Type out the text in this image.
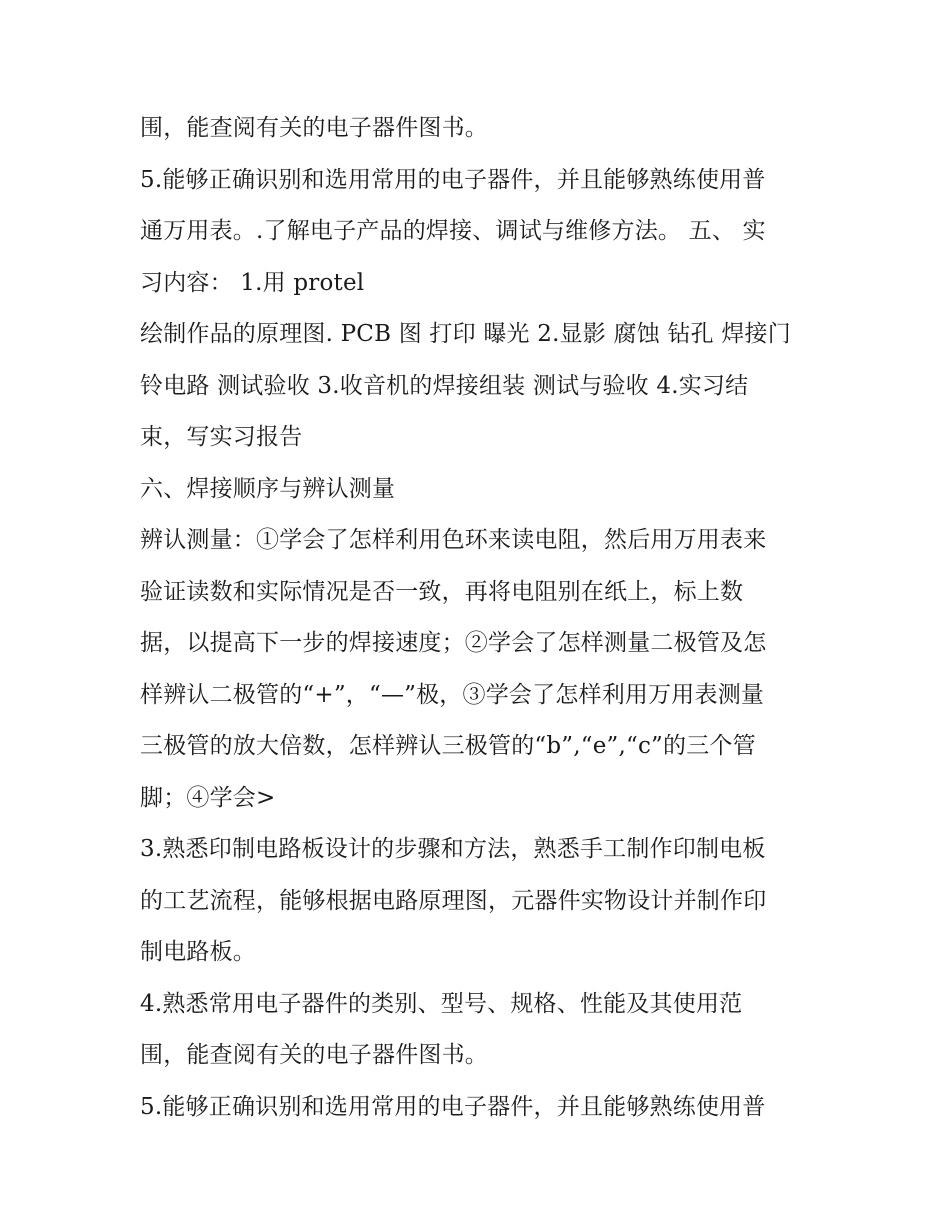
围，能查阅有关的电子器件图书。
5.能够正确识别和选用常用的电子器件，并且能够熟练使用普
通万用表。.了解电子产品的焊接、调试与维修方法。 五、 实
习内容： 1.用 protel
绘制作品的原理图. PCB 图 打印 曝光 2.显影 腐蚀 钻孔 焊接门
铃电路 测试验收 3.收音机的焊接组装 测试与验收 4.实习结
束，写实习报告
六、焊接顺序与辨认测量
辨认测量：①学会了怎样利用色环来读电阻，然后用万用表来
验证读数和实际情况是否一致，再将电阻别在纸上，标上数
据，以提高下一步的焊接速度；②学会了怎样测量二极管及怎
样辨认二极管的“+”，“—”极，③学会了怎样利用万用表测量
三极管的放大倍数，怎样辨认三极管的“b”,“e”,“c”的三个管
脚；④学会>
3.熟悉印制电路板设计的步骤和方法，熟悉手工制作印制电板
的工艺流程，能够根据电路原理图，元器件实物设计并制作印
制电路板。
4.熟悉常用电子器件的类别、型号、规格、性能及其使用范
围，能查阅有关的电子器件图书。
5.能够正确识别和选用常用的电子器件，并且能够熟练使用普
